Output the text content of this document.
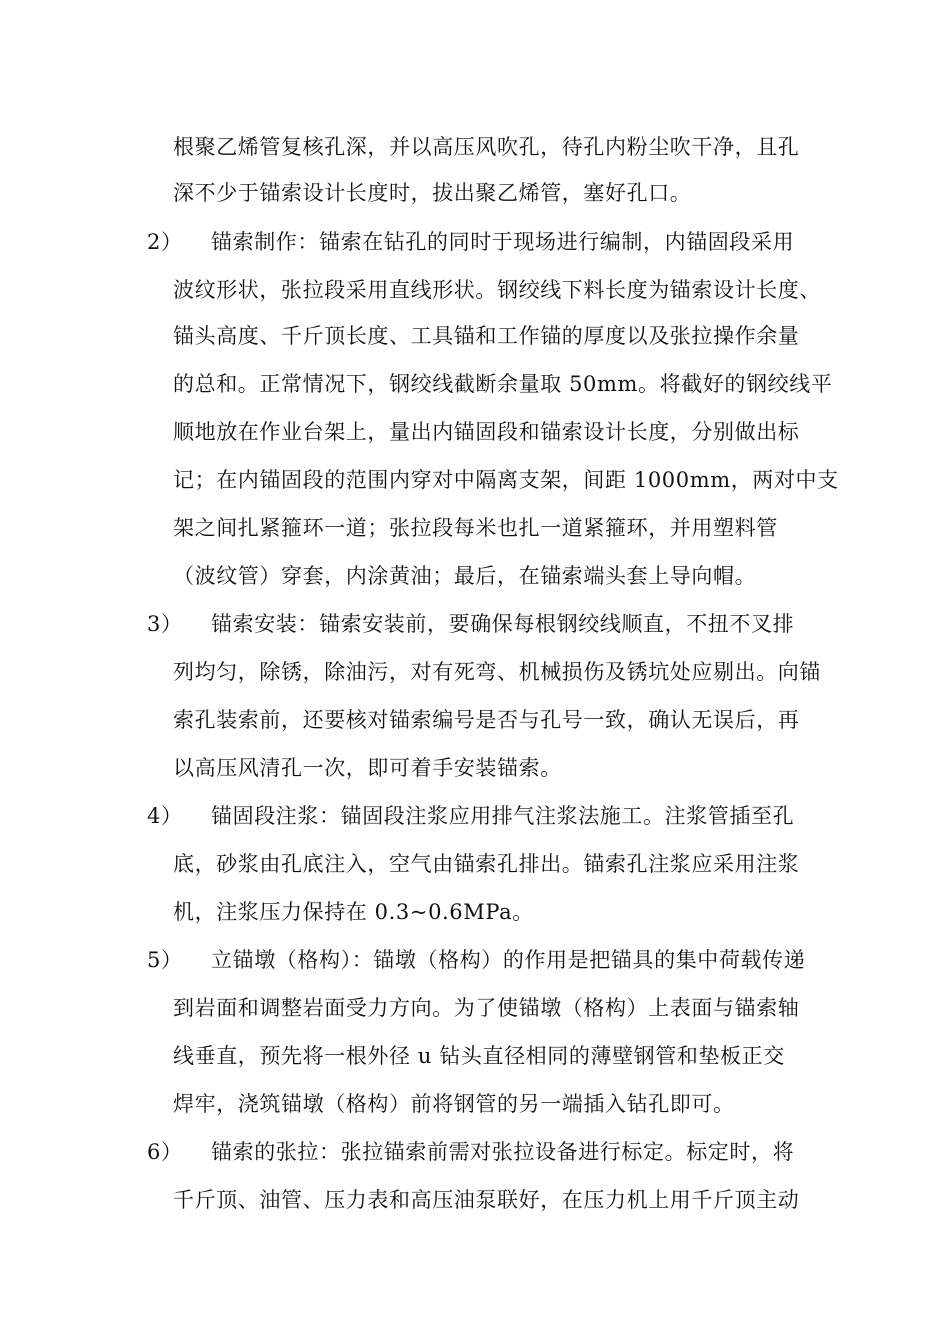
根聚乙烯管复核孔深，并以高压风吹孔，待孔内粉尘吹干净，且孔
深不少于锚索设计长度时，拔出聚乙烯管，塞好孔口。
2） 锚索制作：锚索在钻孔的同时于现场进行编制，内锚固段采用
波纹形状，张拉段采用直线形状。钢绞线下料长度为锚索设计长度、
锚头高度、千斤顶长度、工具锚和工作锚的厚度以及张拉操作余量
的总和。正常情况下，钢绞线截断余量取 50mm。将截好的钢绞线平
顺地放在作业台架上，量出内锚固段和锚索设计长度，分别做出标
记；在内锚固段的范围内穿对中隔离支架，间距 1000mm，两对中支
架之间扎紧箍环一道；张拉段每米也扎一道紧箍环，并用塑料管
（波纹管）穿套，内涂黄油；最后，在锚索端头套上导向帽。
3） 锚索安装：锚索安装前，要确保每根钢绞线顺直，不扭不叉排
列均匀，除锈，除油污，对有死弯、机械损伤及锈坑处应剔出。向锚
索孔装索前，还要核对锚索编号是否与孔号一致，确认无误后，再
以高压风清孔一次，即可着手安装锚索。
4） 锚固段注浆：锚固段注浆应用排气注浆法施工。注浆管插至孔
底，砂浆由孔底注入，空气由锚索孔排出。锚索孔注浆应采用注浆
机，注浆压力保持在 0.3~0.6MPa。
5） 立锚墩（格构）：锚墩（格构）的作用是把锚具的集中荷载传递
到岩面和调整岩面受力方向。为了使锚墩（格构）上表面与锚索轴
线垂直，预先将一根外径 u 钻头直径相同的薄壁钢管和垫板正交
焊牢，浇筑锚墩（格构）前将钢管的另一端插入钻孔即可。
6） 锚索的张拉：张拉锚索前需对张拉设备进行标定。标定时，将
千斤顶、油管、压力表和高压油泵联好，在压力机上用千斤顶主动
